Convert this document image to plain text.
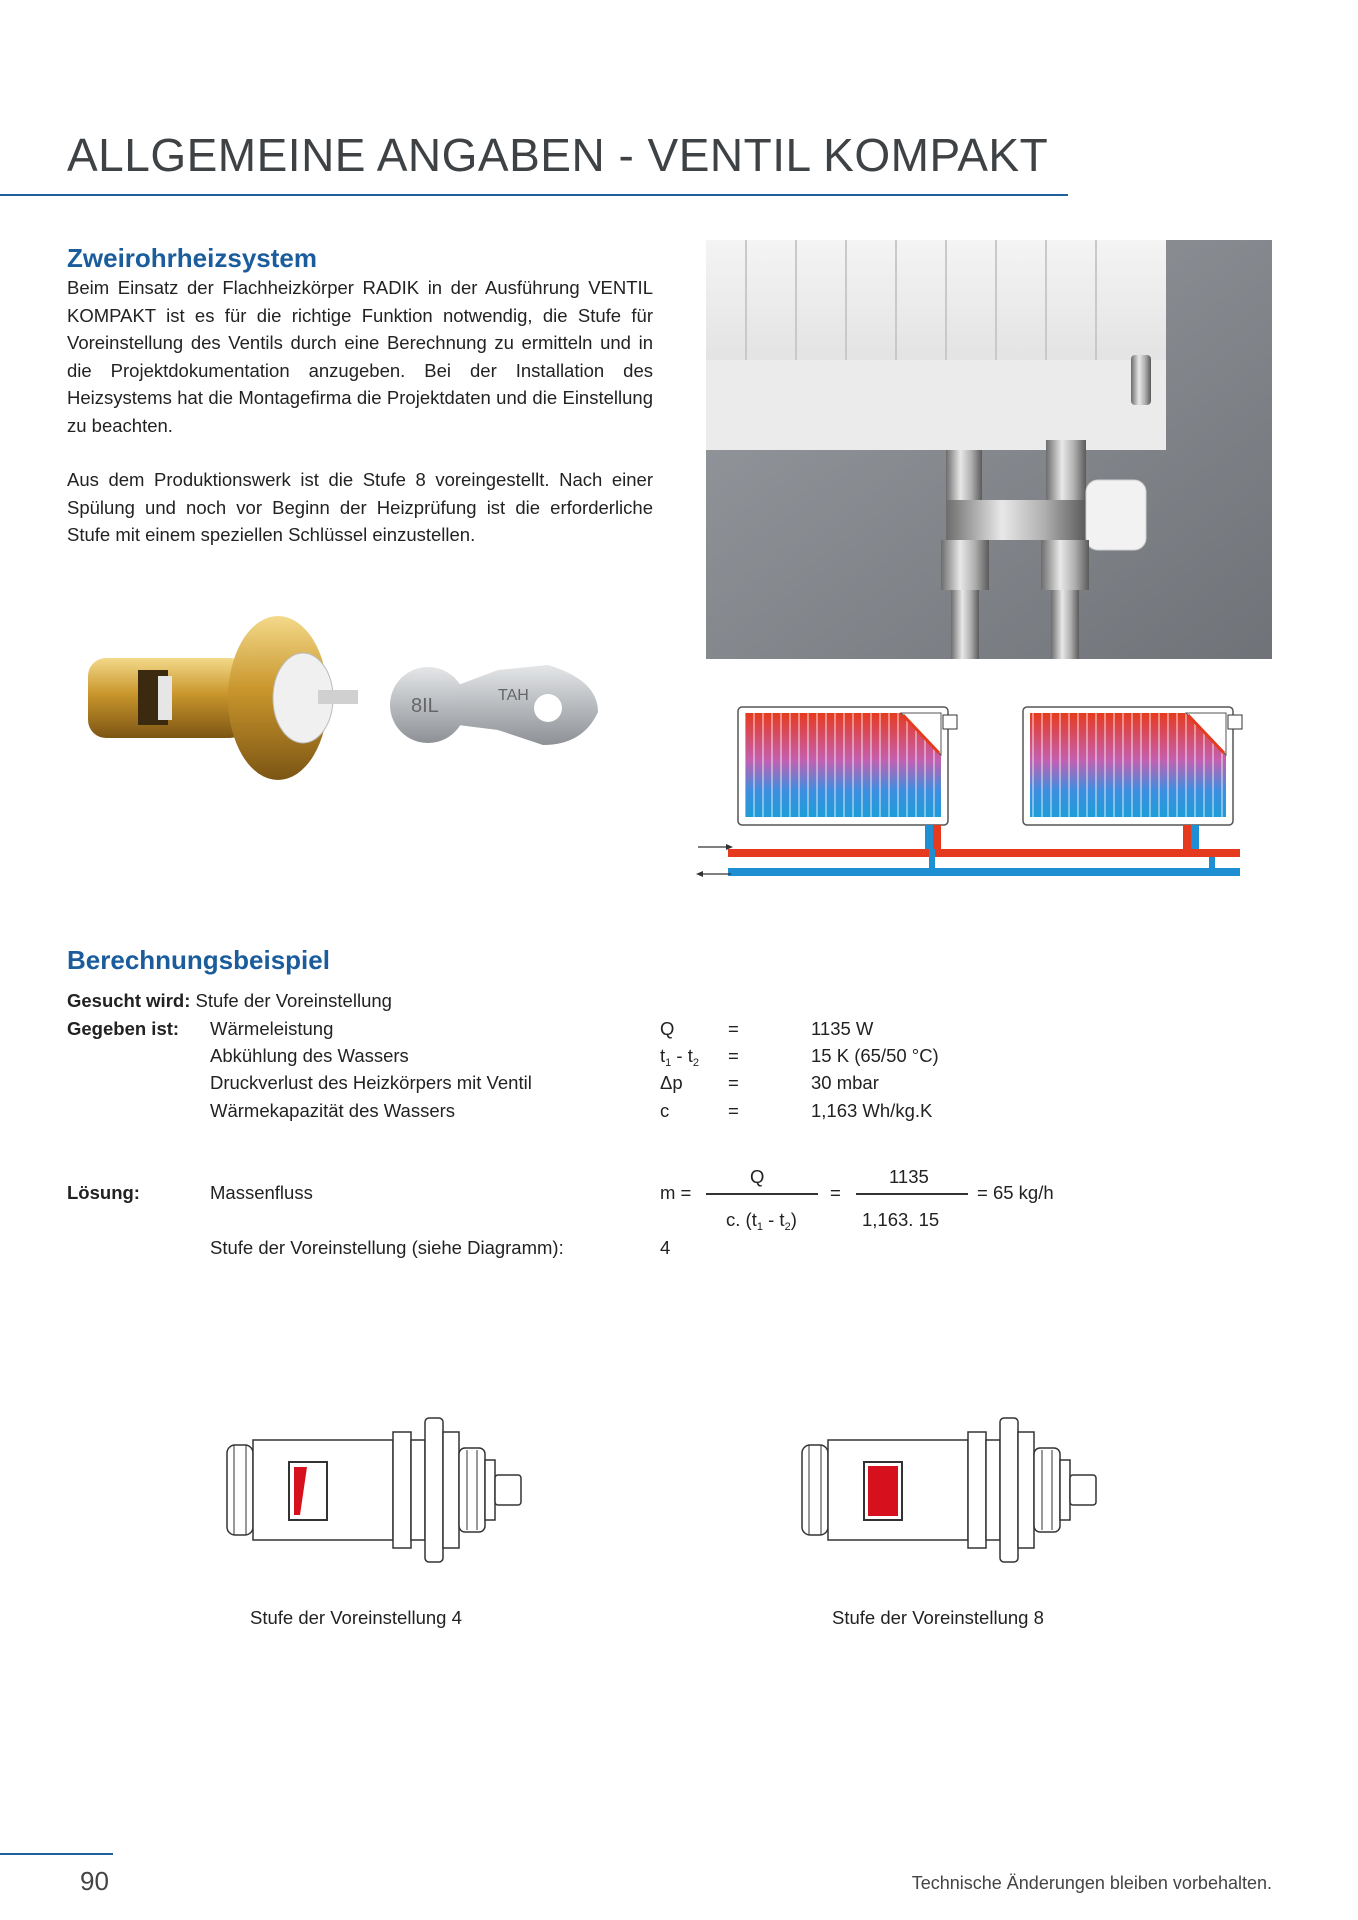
ALLGEMEINE ANGABEN - VENTIL KOMPAKT
Zweirohrheizsystem
Beim Einsatz der Flachheizkörper RADIK in der Ausführung VENTIL KOMPAKT ist es für die richtige Funktion notwendig, die Stufe für Voreinstellung des Ventils durch eine Berechnung zu ermitteln und in die Projektdokumentation anzugeben. Bei der Installation des Heizsystems hat die Montagefirma die Projektdaten und die Einstellung zu beachten.
Aus dem Produktionswerk ist die Stufe 8 voreingestellt. Nach einer Spülung und noch vor Beginn der Heizprüfung ist die erforderliche Stufe mit einem speziellen Schlüssel einzustellen.
8IL	TAH
Berechnungsbeispiel
Gesucht wird: Stufe der Voreinstellung
Gegeben ist: Wärmeleistung	Q	=	1135 W
Abkühlung des Wassers	$t_1 - t_2$ =	15 K (65/50 °C)
Druckverlust des Heizkörpers mit Ventil	Δp =	30 mbar
Wärmekapazität des Wassers	c	=	1,163 Wh/kg.K
Lösung:	Massenfluss	m =
Q
c. $(t_1 - t_2)$
=
1135
1,163. 15
= 65 kg/h
Stufe der Voreinstellung (siehe Diagramm):	4
Stufe der Voreinstellung 4	Stufe der Voreinstellung 8
90	Technische Änderungen bleiben vorbehalten.
